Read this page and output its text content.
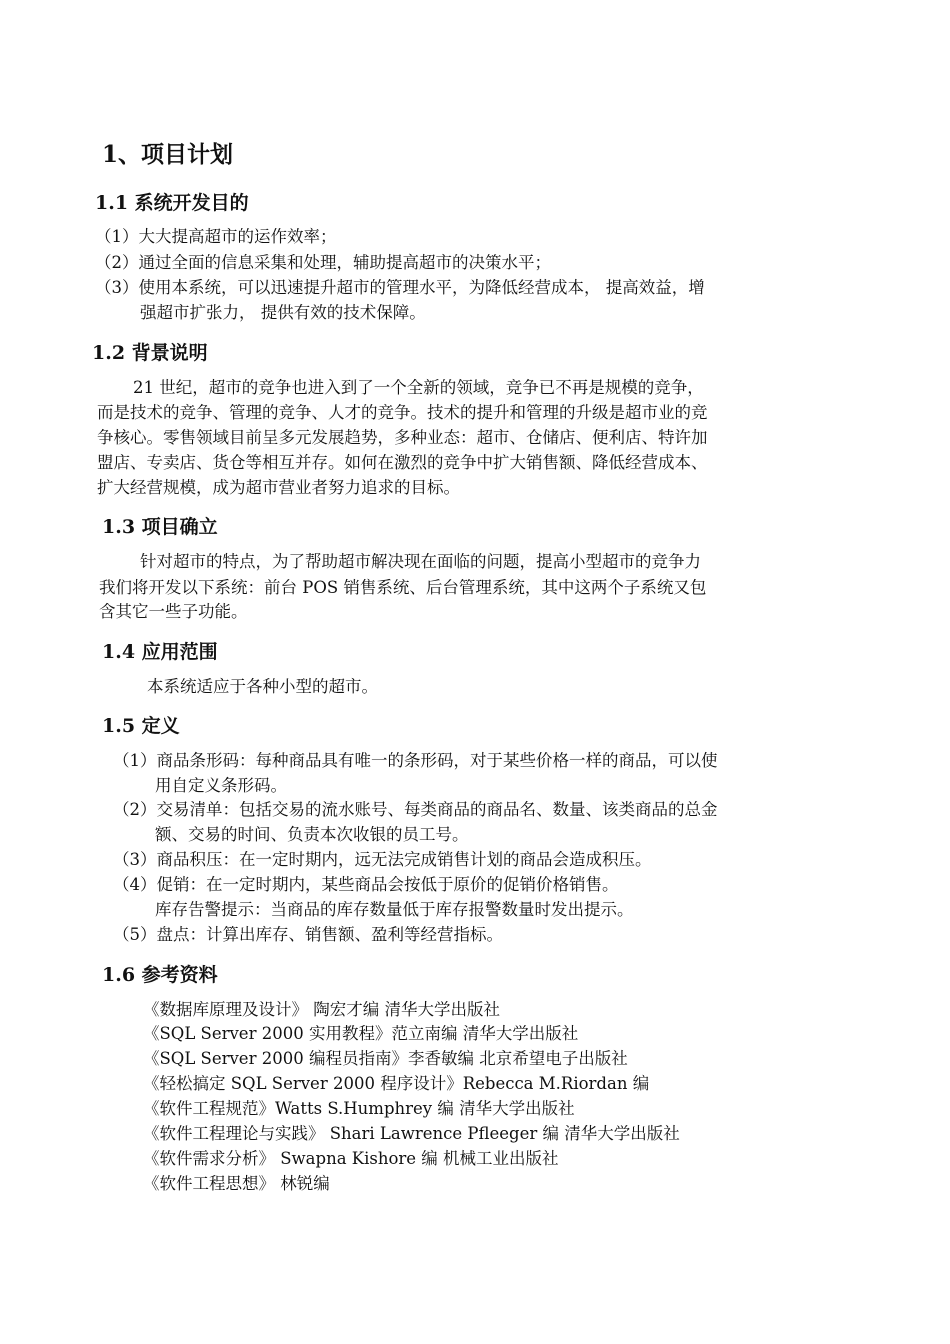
1、项目计划
1.1 系统开发目的
（1）大大提高超市的运作效率；
（2）通过全面的信息采集和处理，辅助提高超市的决策水平；
（3）使用本系统，可以迅速提升超市的管理水平，为降低经营成本， 提高效益，增
强超市扩张力， 提供有效的技术保障。
1.2 背景说明
21 世纪，超市的竞争也进入到了一个全新的领域，竞争已不再是规模的竞争，
而是技术的竞争、管理的竞争、人才的竞争。技术的提升和管理的升级是超市业的竞
争核心。零售领域目前呈多元发展趋势，多种业态：超市、仓储店、便利店、特许加
盟店、专卖店、货仓等相互并存。如何在激烈的竞争中扩大销售额、降低经营成本、
扩大经营规模，成为超市营业者努力追求的目标。
1.3 项目确立
针对超市的特点，为了帮助超市解决现在面临的问题，提高小型超市的竞争力
我们将开发以下系统：前台 POS 销售系统、后台管理系统，其中这两个子系统又包
含其它一些子功能。
1.4 应用范围
本系统适应于各种小型的超市。
1.5 定义
（1）商品条形码：每种商品具有唯一的条形码，对于某些价格一样的商品，可以使
用自定义条形码。
（2）交易清单：包括交易的流水账号、每类商品的商品名、数量、该类商品的总金
额、交易的时间、负责本次收银的员工号。
（3）商品积压：在一定时期内，远无法完成销售计划的商品会造成积压。
（4）促销：在一定时期内，某些商品会按低于原价的促销价格销售。
库存告警提示：当商品的库存数量低于库存报警数量时发出提示。
（5）盘点：计算出库存、销售额、盈利等经营指标。
1.6 参考资料
《数据库原理及设计》 陶宏才编 清华大学出版社
《SQL Server 2000 实用教程》范立南编 清华大学出版社
《SQL Server 2000 编程员指南》李香敏编 北京希望电子出版社
《轻松搞定 SQL Server 2000 程序设计》Rebecca M.Riordan 编
《软件工程规范》Watts S.Humphrey 编 清华大学出版社
《软件工程理论与实践》 Shari Lawrence Pfleeger 编 清华大学出版社
《软件需求分析》 Swapna Kishore 编 机械工业出版社
《软件工程思想》 林锐编
